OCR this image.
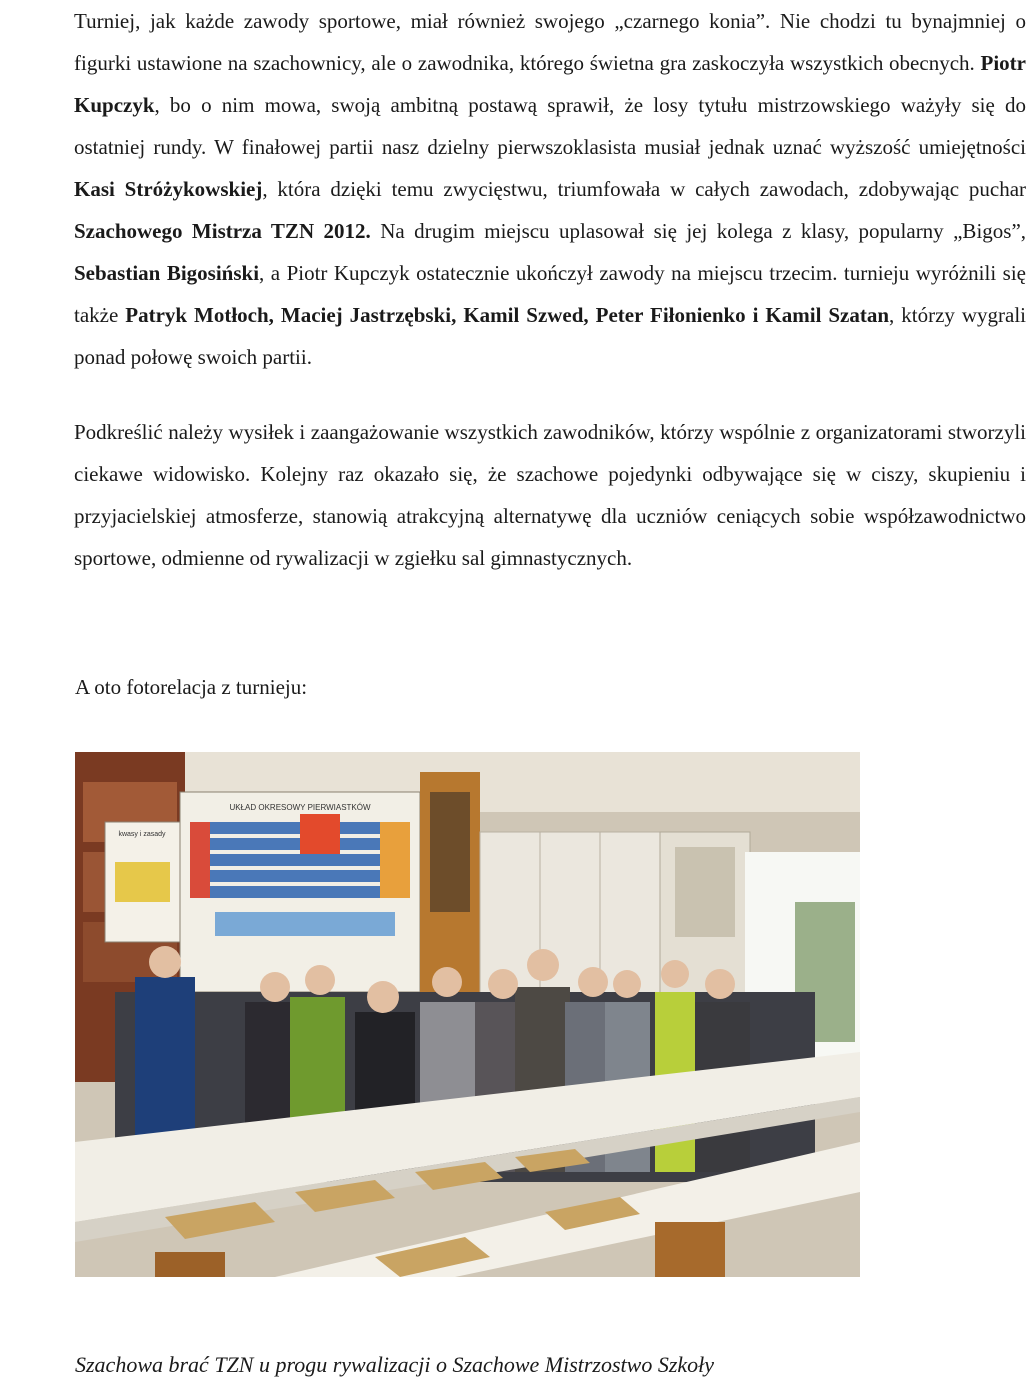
Turniej, jak każde zawody sportowe, miał również swojego „czarnego konia”. Nie chodzi tu bynajmniej o figurki ustawione na szachownicy, ale o zawodnika, którego świetna gra zaskoczyła wszystkich obecnych. Piotr Kupczyk, bo o nim mowa, swoją ambitną postawą sprawił, że losy tytułu mistrzowskiego ważyły się do ostatniej rundy. W finałowej partii nasz dzielny pierwszoklasista musiał jednak uznać wyższość umiejętności Kasi Stróżykowskiej, która dzięki temu zwycięstwu, triumfowała w całych zawodach, zdobywając puchar Szachowego Mistrza TZN 2012. Na drugim miejscu uplasował się jej kolega z klasy, popularny „Bigos”, Sebastian Bigosiński, a Piotr Kupczyk ostatecznie ukończył zawody na miejscu trzecim. turnieju wyróżnili się także Patryk Motłoch, Maciej Jastrzębski, Kamil Szwed, Peter Fiłonienko i Kamil Szatan, którzy wygrali ponad połowę swoich partii.

Podkreślić należy wysiłek i zaangażowanie wszystkich zawodników, którzy wspólnie z organizatorami stworzyli ciekawe widowisko. Kolejny raz okazało się, że szachowe pojedynki odbywające się w ciszy, skupieniu i przyjacielskiej atmosferze, stanowią atrakcyjną alternatywę dla uczniów ceniących sobie współzawodnictwo sportowe, odmienne od rywalizacji w zgiełku sal gimnastycznych.

A oto fotorelacja z turnieju:

UKŁAD OKRESOWY PIERWIASTKÓW
kwasy i zasady

Szachowa brać TZN u progu rywalizacji o Szachowe Mistrzostwo Szkoły
